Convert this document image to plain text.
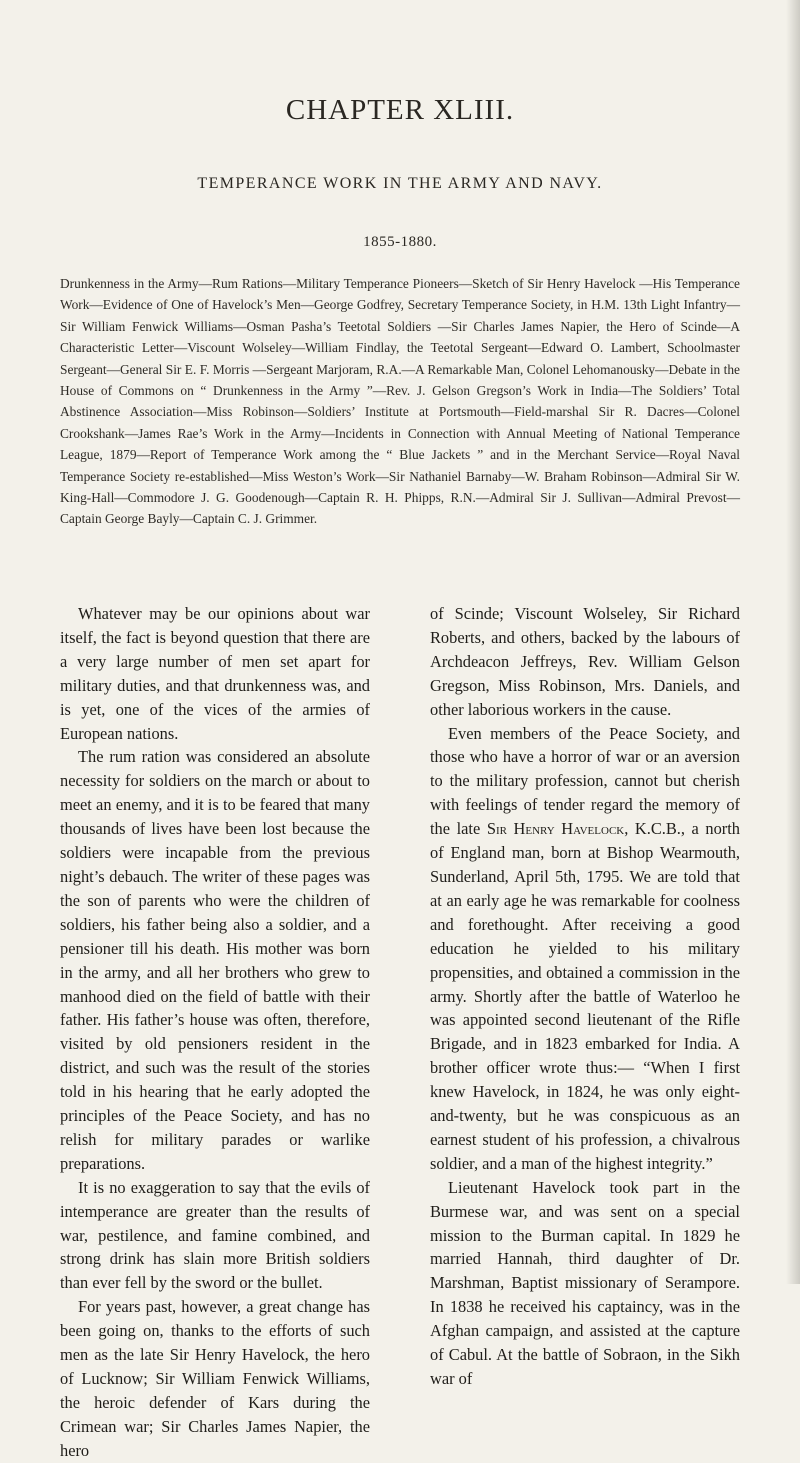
CHAPTER XLIII.
TEMPERANCE WORK IN THE ARMY AND NAVY.
1855-1880.
Drunkenness in the Army—Rum Rations—Military Temperance Pioneers—Sketch of Sir Henry Havelock —His Temperance Work—Evidence of One of Havelock’s Men—George Godfrey, Secretary Temperance Society, in H.M. 13th Light Infantry—Sir William Fenwick Williams—Osman Pasha’s Teetotal Soldiers —Sir Charles James Napier, the Hero of Scinde—A Characteristic Letter—Viscount Wolseley—William Findlay, the Teetotal Sergeant—Edward O. Lambert, Schoolmaster Sergeant—General Sir E. F. Morris —Sergeant Marjoram, R.A.—A Remarkable Man, Colonel Lehomanousky—Debate in the House of Commons on “ Drunkenness in the Army ”—Rev. J. Gelson Gregson’s Work in India—The Soldiers’ Total Abstinence Association—Miss Robinson—Soldiers’ Institute at Portsmouth—Field-marshal Sir R. Dacres—Colonel Crookshank—James Rae’s Work in the Army—Incidents in Connection with Annual Meeting of National Temperance League, 1879—Report of Temperance Work among the “ Blue Jackets ” and in the Merchant Service—Royal Naval Temperance Society re-established—Miss Weston’s Work—Sir Nathaniel Barnaby—W. Braham Robinson—Admiral Sir W. King-Hall—Commodore J. G. Goodenough—Captain R. H. Phipps, R.N.—Admiral Sir J. Sullivan—Admiral Prevost— Captain George Bayly—Captain C. J. Grimmer.

Whatever may be our opinions about war itself, the fact is beyond question that there are a very large number of men set apart for military duties, and that drunkenness was, and is yet, one of the vices of the armies of European nations.

The rum ration was considered an absolute necessity for soldiers on the march or about to meet an enemy, and it is to be feared that many thousands of lives have been lost because the soldiers were incapable from the previous night’s debauch. The writer of these pages was the son of parents who were the children of soldiers, his father being also a soldier, and a pensioner till his death. His mother was born in the army, and all her brothers who grew to manhood died on the field of battle with their father. His father’s house was often, therefore, visited by old pensioners resident in the district, and such was the result of the stories told in his hearing that he early adopted the principles of the Peace Society, and has no relish for military parades or warlike preparations.

It is no exaggeration to say that the evils of intemperance are greater than the results of war, pestilence, and famine combined, and strong drink has slain more British soldiers than ever fell by the sword or the bullet.

For years past, however, a great change has been going on, thanks to the efforts of such men as the late Sir Henry Havelock, the hero of Lucknow; Sir William Fenwick Williams, the heroic defender of Kars during the Crimean war; Sir Charles James Napier, the hero

of Scinde; Viscount Wolseley, Sir Richard Roberts, and others, backed by the labours of Archdeacon Jeffreys, Rev. William Gelson Gregson, Miss Robinson, Mrs. Daniels, and other laborious workers in the cause.

Even members of the Peace Society, and those who have a horror of war or an aversion to the military profession, cannot but cherish with feelings of tender regard the memory of the late Sir Henry Havelock, K.C.B., a north of England man, born at Bishop Wearmouth, Sunderland, April 5th, 1795. We are told that at an early age he was remarkable for coolness and forethought. After receiving a good education he yielded to his military propensities, and obtained a commission in the army. Shortly after the battle of Waterloo he was appointed second lieutenant of the Rifle Brigade, and in 1823 embarked for India. A brother officer wrote thus:— “When I first knew Havelock, in 1824, he was only eight-and-twenty, but he was conspicuous as an earnest student of his profession, a chivalrous soldier, and a man of the highest integrity.”

Lieutenant Havelock took part in the Burmese war, and was sent on a special mission to the Burman capital. In 1829 he married Hannah, third daughter of Dr. Marshman, Baptist missionary of Serampore. In 1838 he received his captaincy, was in the Afghan campaign, and assisted at the capture of Cabul. At the battle of Sobraon, in the Sikh war of
